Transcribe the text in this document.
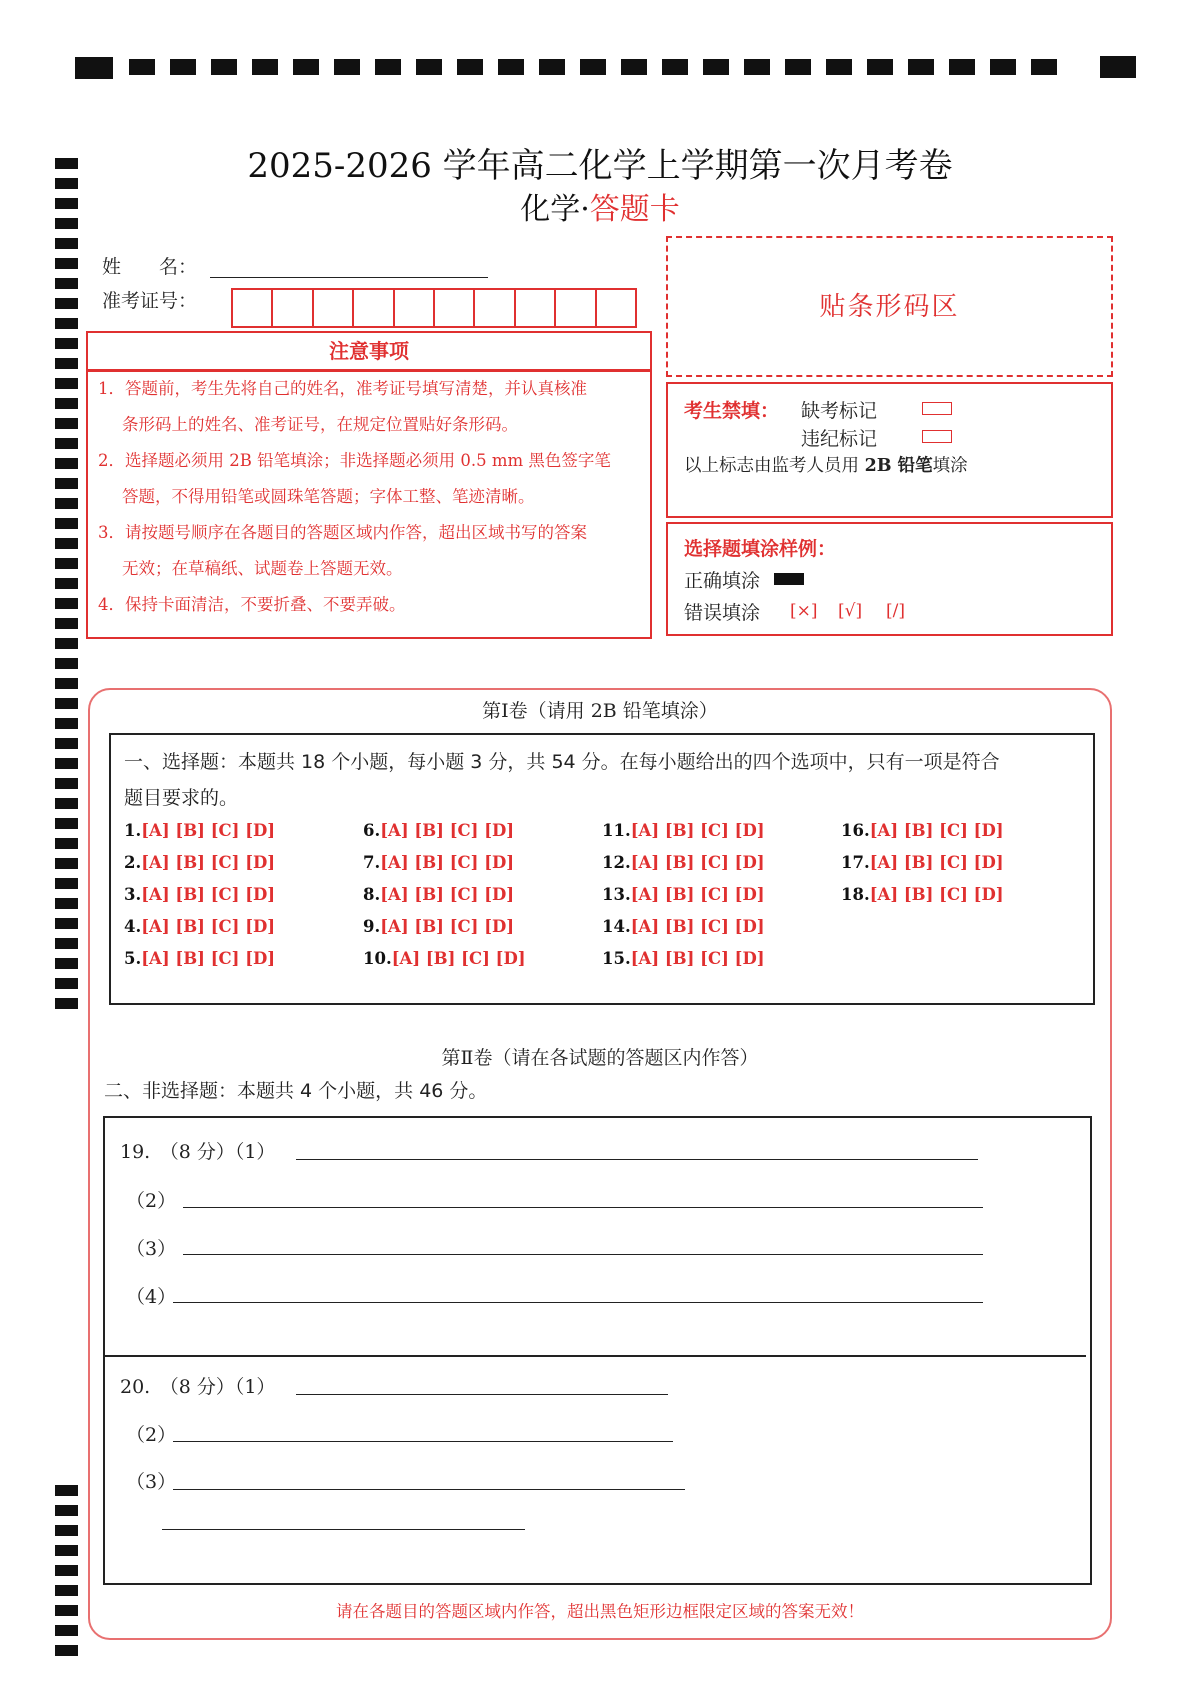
2025-2026 学年高二化学上学期第一次月考卷
化学·答题卡
姓　　名：
准考证号：	贴条形码区
注意事项
1．答题前，考生先将自己的姓名，准考证号填写清楚，并认真核准
条形码上的姓名、准考证号，在规定位置贴好条形码。
2．选择题必须用 2B 铅笔填涂；非选择题必须用 0.5 mm 黑色签字笔
答题，不得用铅笔或圆珠笔答题；字体工整、笔迹清晰。
3．请按题号顺序在各题目的答题区域内作答，超出区域书写的答案
无效；在草稿纸、试题卷上答题无效。
4．保持卡面清洁，不要折叠、不要弄破。
考生禁填： 缺考标记
违纪标记
以上标志由监考人员用 2B 铅笔填涂
选择题填涂样例：
正确填涂
错误填涂 [×] [√] [/]
第Ⅰ卷（请用 2B 铅笔填涂）
一、选择题：本题共 18 个小题，每小题 3 分，共 54 分。在每小题给出的四个选项中，只有一项是符合
题目要求的。
1.[A] [B] [C] [D]
2.[A] [B] [C] [D]
3.[A] [B] [C] [D]
4.[A] [B] [C] [D]
5.[A] [B] [C] [D]
6.[A] [B] [C] [D]
7.[A] [B] [C] [D]
8.[A] [B] [C] [D]
9.[A] [B] [C] [D]
10.[A] [B] [C] [D]
11.[A] [B] [C] [D]
12.[A] [B] [C] [D]
13.[A] [B] [C] [D]
14.[A] [B] [C] [D]
15.[A] [B] [C] [D]
16.[A] [B] [C] [D]
17.[A] [B] [C] [D]
18.[A] [B] [C] [D]
第Ⅱ卷（请在各试题的答题区内作答）
二、非选择题：本题共 4 个小题，共 46 分。
19.　（8 分）（1）
（2）
（3）
（4）
20.　（8 分）（1）
（2）
（3）
请在各题目的答题区域内作答，超出黑色矩形边框限定区域的答案无效！
